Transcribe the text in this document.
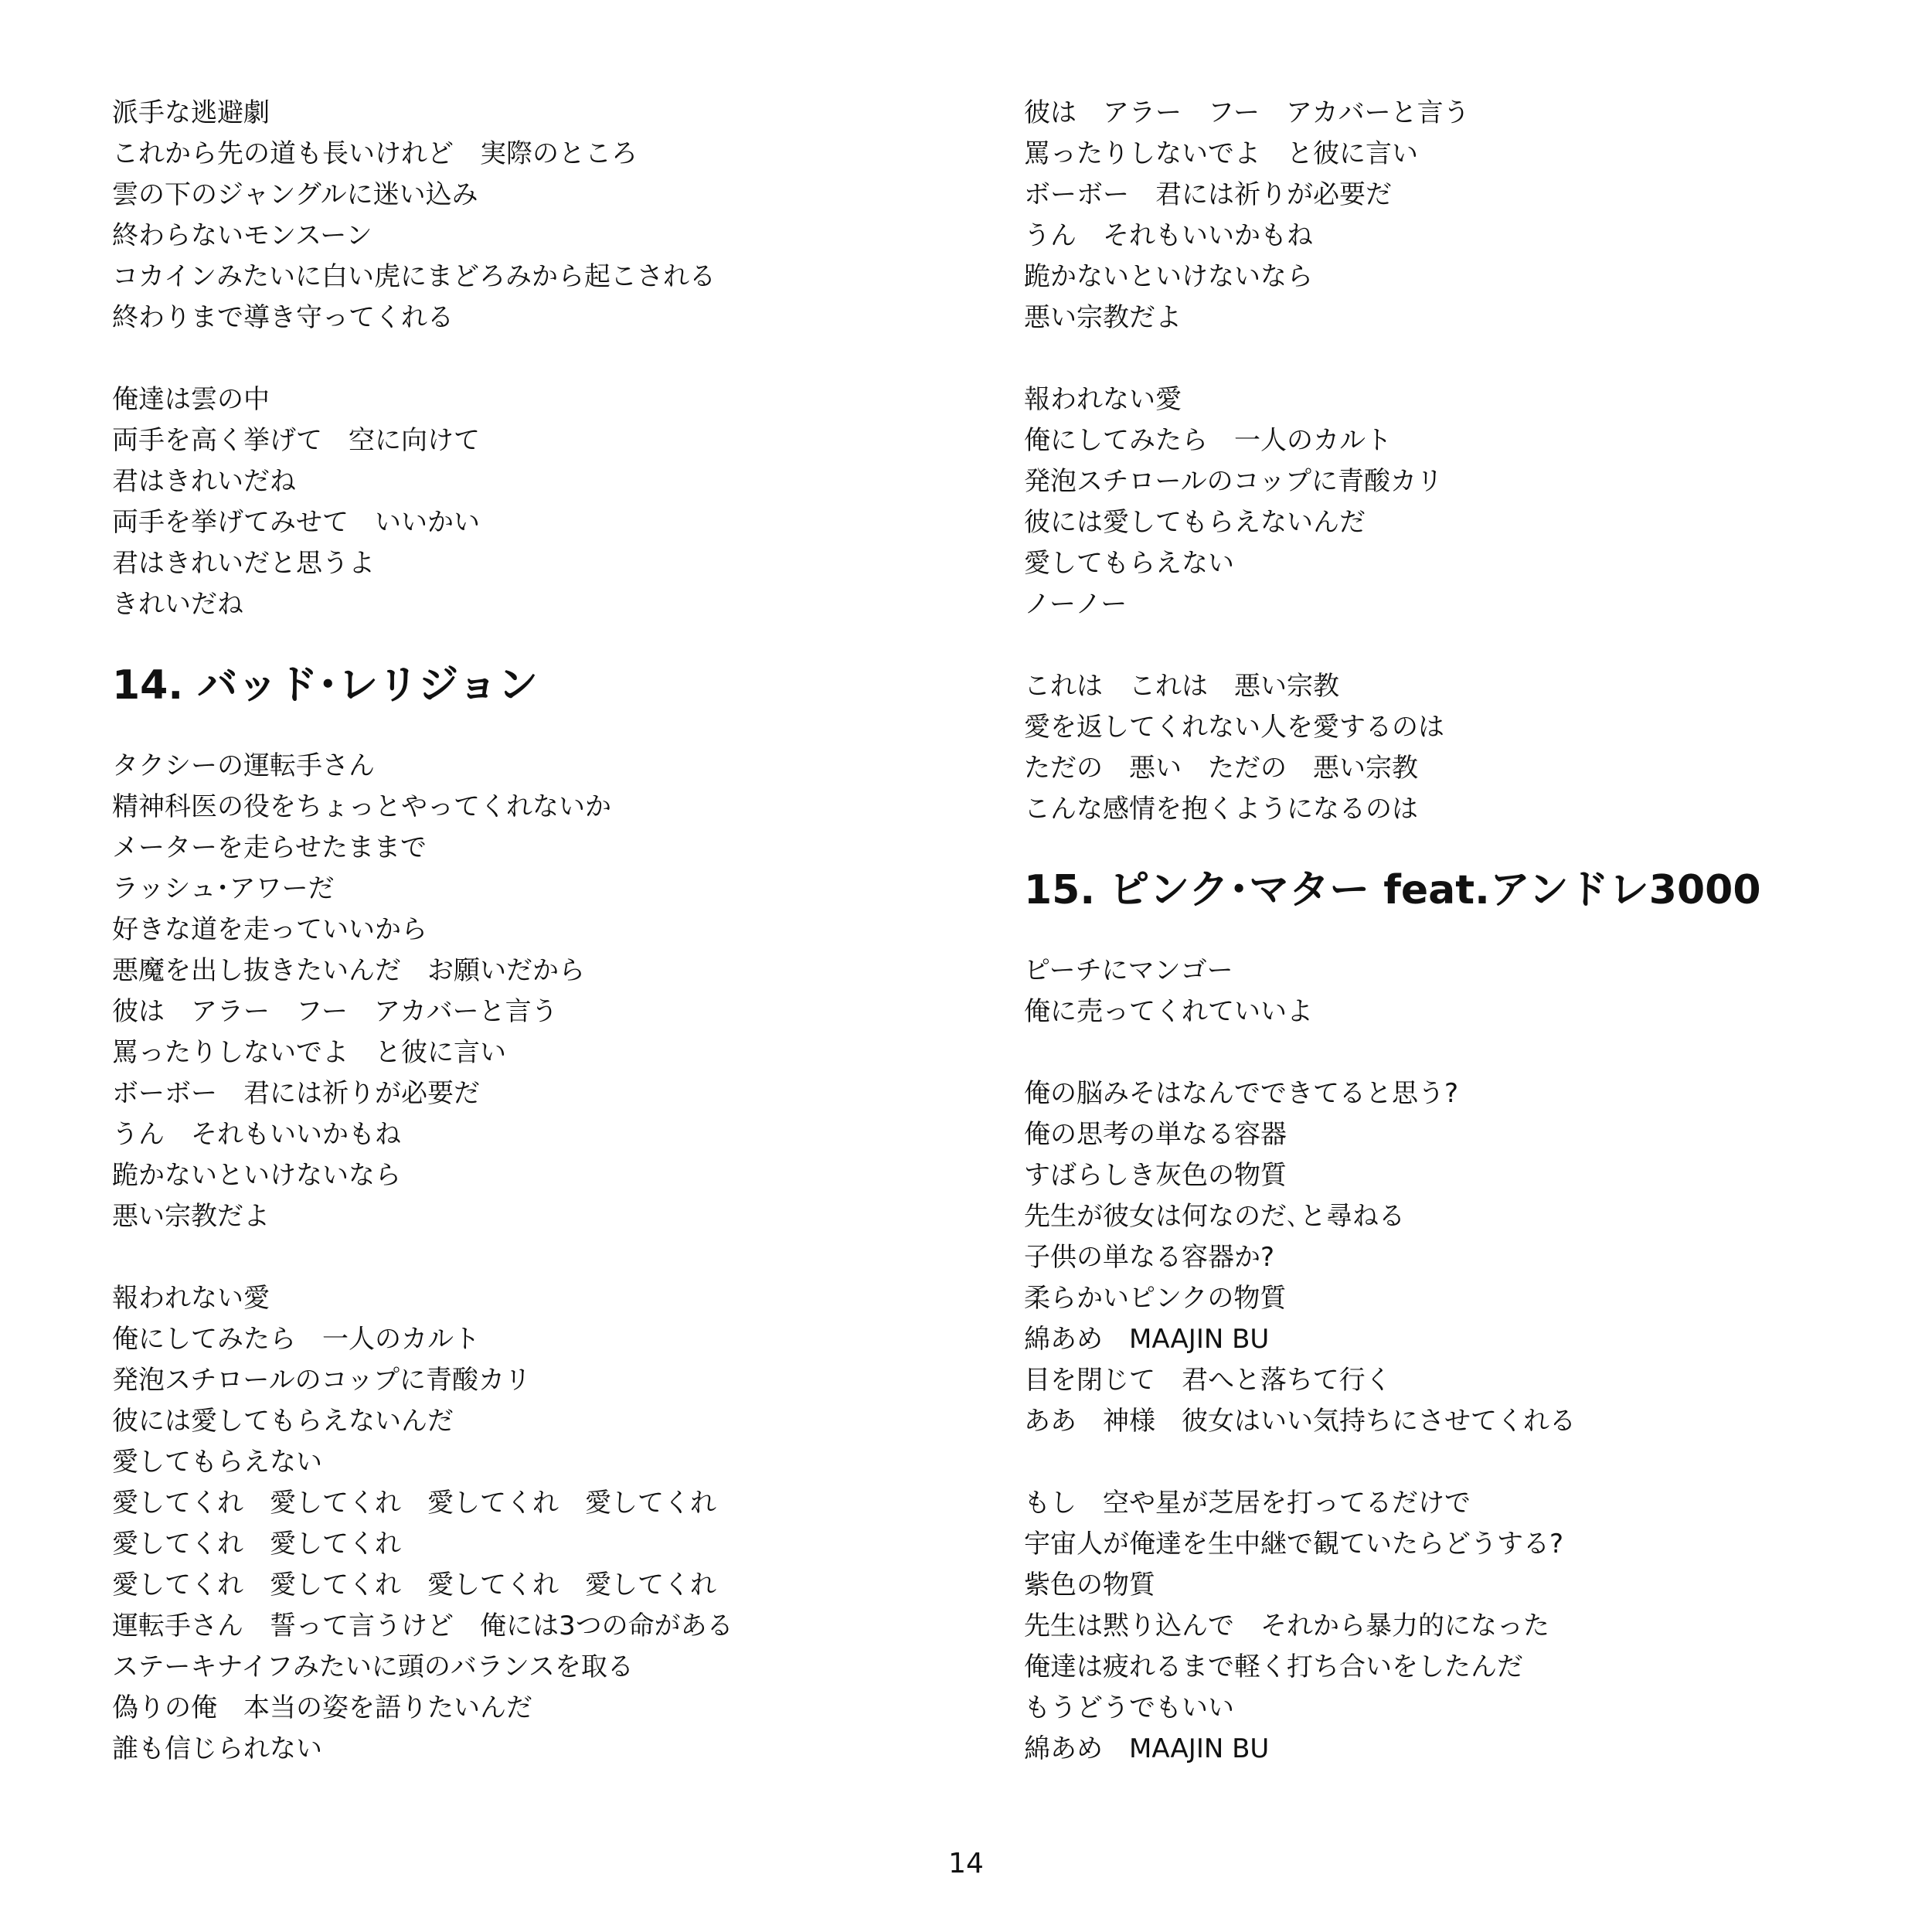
派手な逃避劇
これから先の道も長いけれど　実際のところ
雲の下のジャングルに迷い込み
終わらないモンスーン
コカインみたいに白い虎にまどろみから起こされる
終わりまで導き守ってくれる
俺達は雲の中
両手を高く挙げて　空に向けて
君はきれいだね
両手を挙げてみせて　いいかい
君はきれいだと思うよ
きれいだね
14. バッド･レリジョン
タクシーの運転手さん
精神科医の役をちょっとやってくれないか
メーターを走らせたままで
ラッシュ･アワーだ
好きな道を走っていいから
悪魔を出し抜きたいんだ　お願いだから
彼は　アラー　フー　アカバーと言う
罵ったりしないでよ　と彼に言い
ボーボー　君には祈りが必要だ
うん　それもいいかもね
跪かないといけないなら
悪い宗教だよ
報われない愛
俺にしてみたら　一人のカルト
発泡スチロールのコップに青酸カリ
彼には愛してもらえないんだ
愛してもらえない
愛してくれ　愛してくれ　愛してくれ　愛してくれ
愛してくれ　愛してくれ
愛してくれ　愛してくれ　愛してくれ　愛してくれ
運転手さん　誓って言うけど　俺には3つの命がある
ステーキナイフみたいに頭のバランスを取る
偽りの俺　本当の姿を語りたいんだ
誰も信じられない
彼は　アラー　フー　アカバーと言う
罵ったりしないでよ　と彼に言い
ボーボー　君には祈りが必要だ
うん　それもいいかもね
跪かないといけないなら
悪い宗教だよ
報われない愛
俺にしてみたら　一人のカルト
発泡スチロールのコップに青酸カリ
彼には愛してもらえないんだ
愛してもらえない
ノーノー
これは　これは　悪い宗教
愛を返してくれない人を愛するのは
ただの　悪い　ただの　悪い宗教
こんな感情を抱くようになるのは
15. ピンク･マター feat.アンドレ3000
ピーチにマンゴー
俺に売ってくれていいよ
俺の脳みそはなんでできてると思う?
俺の思考の単なる容器
すばらしき灰色の物質
先生が彼女は何なのだ､と尋ねる
子供の単なる容器か?
柔らかいピンクの物質
綿あめ　MAAJIN BU
目を閉じて　君へと落ちて行く
ああ　神様　彼女はいい気持ちにさせてくれる
もし　空や星が芝居を打ってるだけで
宇宙人が俺達を生中継で観ていたらどうする?
紫色の物質
先生は黙り込んで　それから暴力的になった
俺達は疲れるまで軽く打ち合いをしたんだ
もうどうでもいい
綿あめ　MAAJIN BU
14
